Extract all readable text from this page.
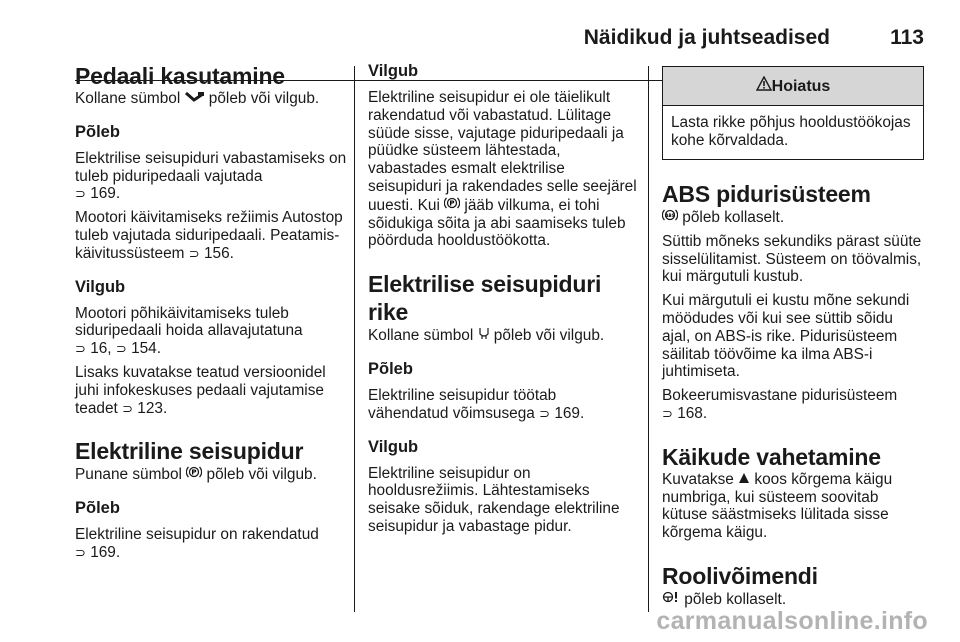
Näidikud ja juhtseadised	113
Pedaali kasutamine

Kollane sümbol  põleb või vilgub.

Põleb

Elektrilise seisupiduri vabastamiseks on tuleb piduripedaali vajutada
⊃ 169.

Mootori käivitamiseks režiimis Autostop tuleb vajutada siduripedaali. Peatamis-käivitussüsteem ⊃ 156.

Vilgub

Mootori põhikäivitamiseks tuleb siduripedaali hoida allavajutatuna
⊃ 16, ⊃ 154.

Lisaks kuvatakse teatud versioonidel juhi infokeskuses pedaali vajutamise teadet ⊃ 123.

Elektriline seisupidur

Punane sümbol P põleb või vilgub.

Põleb

Elektriline seisupidur on rakendatud
⊃ 169.

Vilgub

Elektriline seisupidur ei ole täielikult rakendatud või vabastatud. Lülitage süüde sisse, vajutage piduripedaali ja püüdke süsteem lähtestada, vabastades esmalt elektrilise seisupiduri ja rakendades selle seejärel uuesti. Kui P jääb vilkuma, ei tohi sõidukiga sõita ja abi saamiseks tuleb pöörduda hooldustöökotta.

Elektrilise seisupiduri rike

Kollane sümbol  põleb või vilgub.

Põleb

Elektriline seisupidur töötab vähendatud võimsusega ⊃ 169.

Vilgub

Elektriline seisupidur on hooldusrežiimis. Lähtestamiseks seisake sõiduk, rakendage elektriline seisupidur ja vabastage pidur.

Hoiatus
Lasta rikke põhjus hooldustöökojas kohe kõrvaldada.
ABS pidurisüsteem

ABS põleb kollaselt.

Süttib mõneks sekundiks pärast süüte sisselülitamist. Süsteem on töövalmis, kui märgutuli kustub.

Kui märgutuli ei kustu mõne sekundi möödudes või kui see süttib sõidu ajal, on ABS-is rike. Pidurisüsteem säilitab töövõime ka ilma ABS-i juhtimiseta.

Bokeerumisvastane pidurisüsteem
⊃ 168.

Käikude vahetamine

Kuvatakse  koos kõrgema käigu numbriga, kui süsteem soovitab kütuse säästmiseks lülitada sisse kõrgema käigu.

Roolivõimendi

põleb kollaselt.

carmanualsonline.info
